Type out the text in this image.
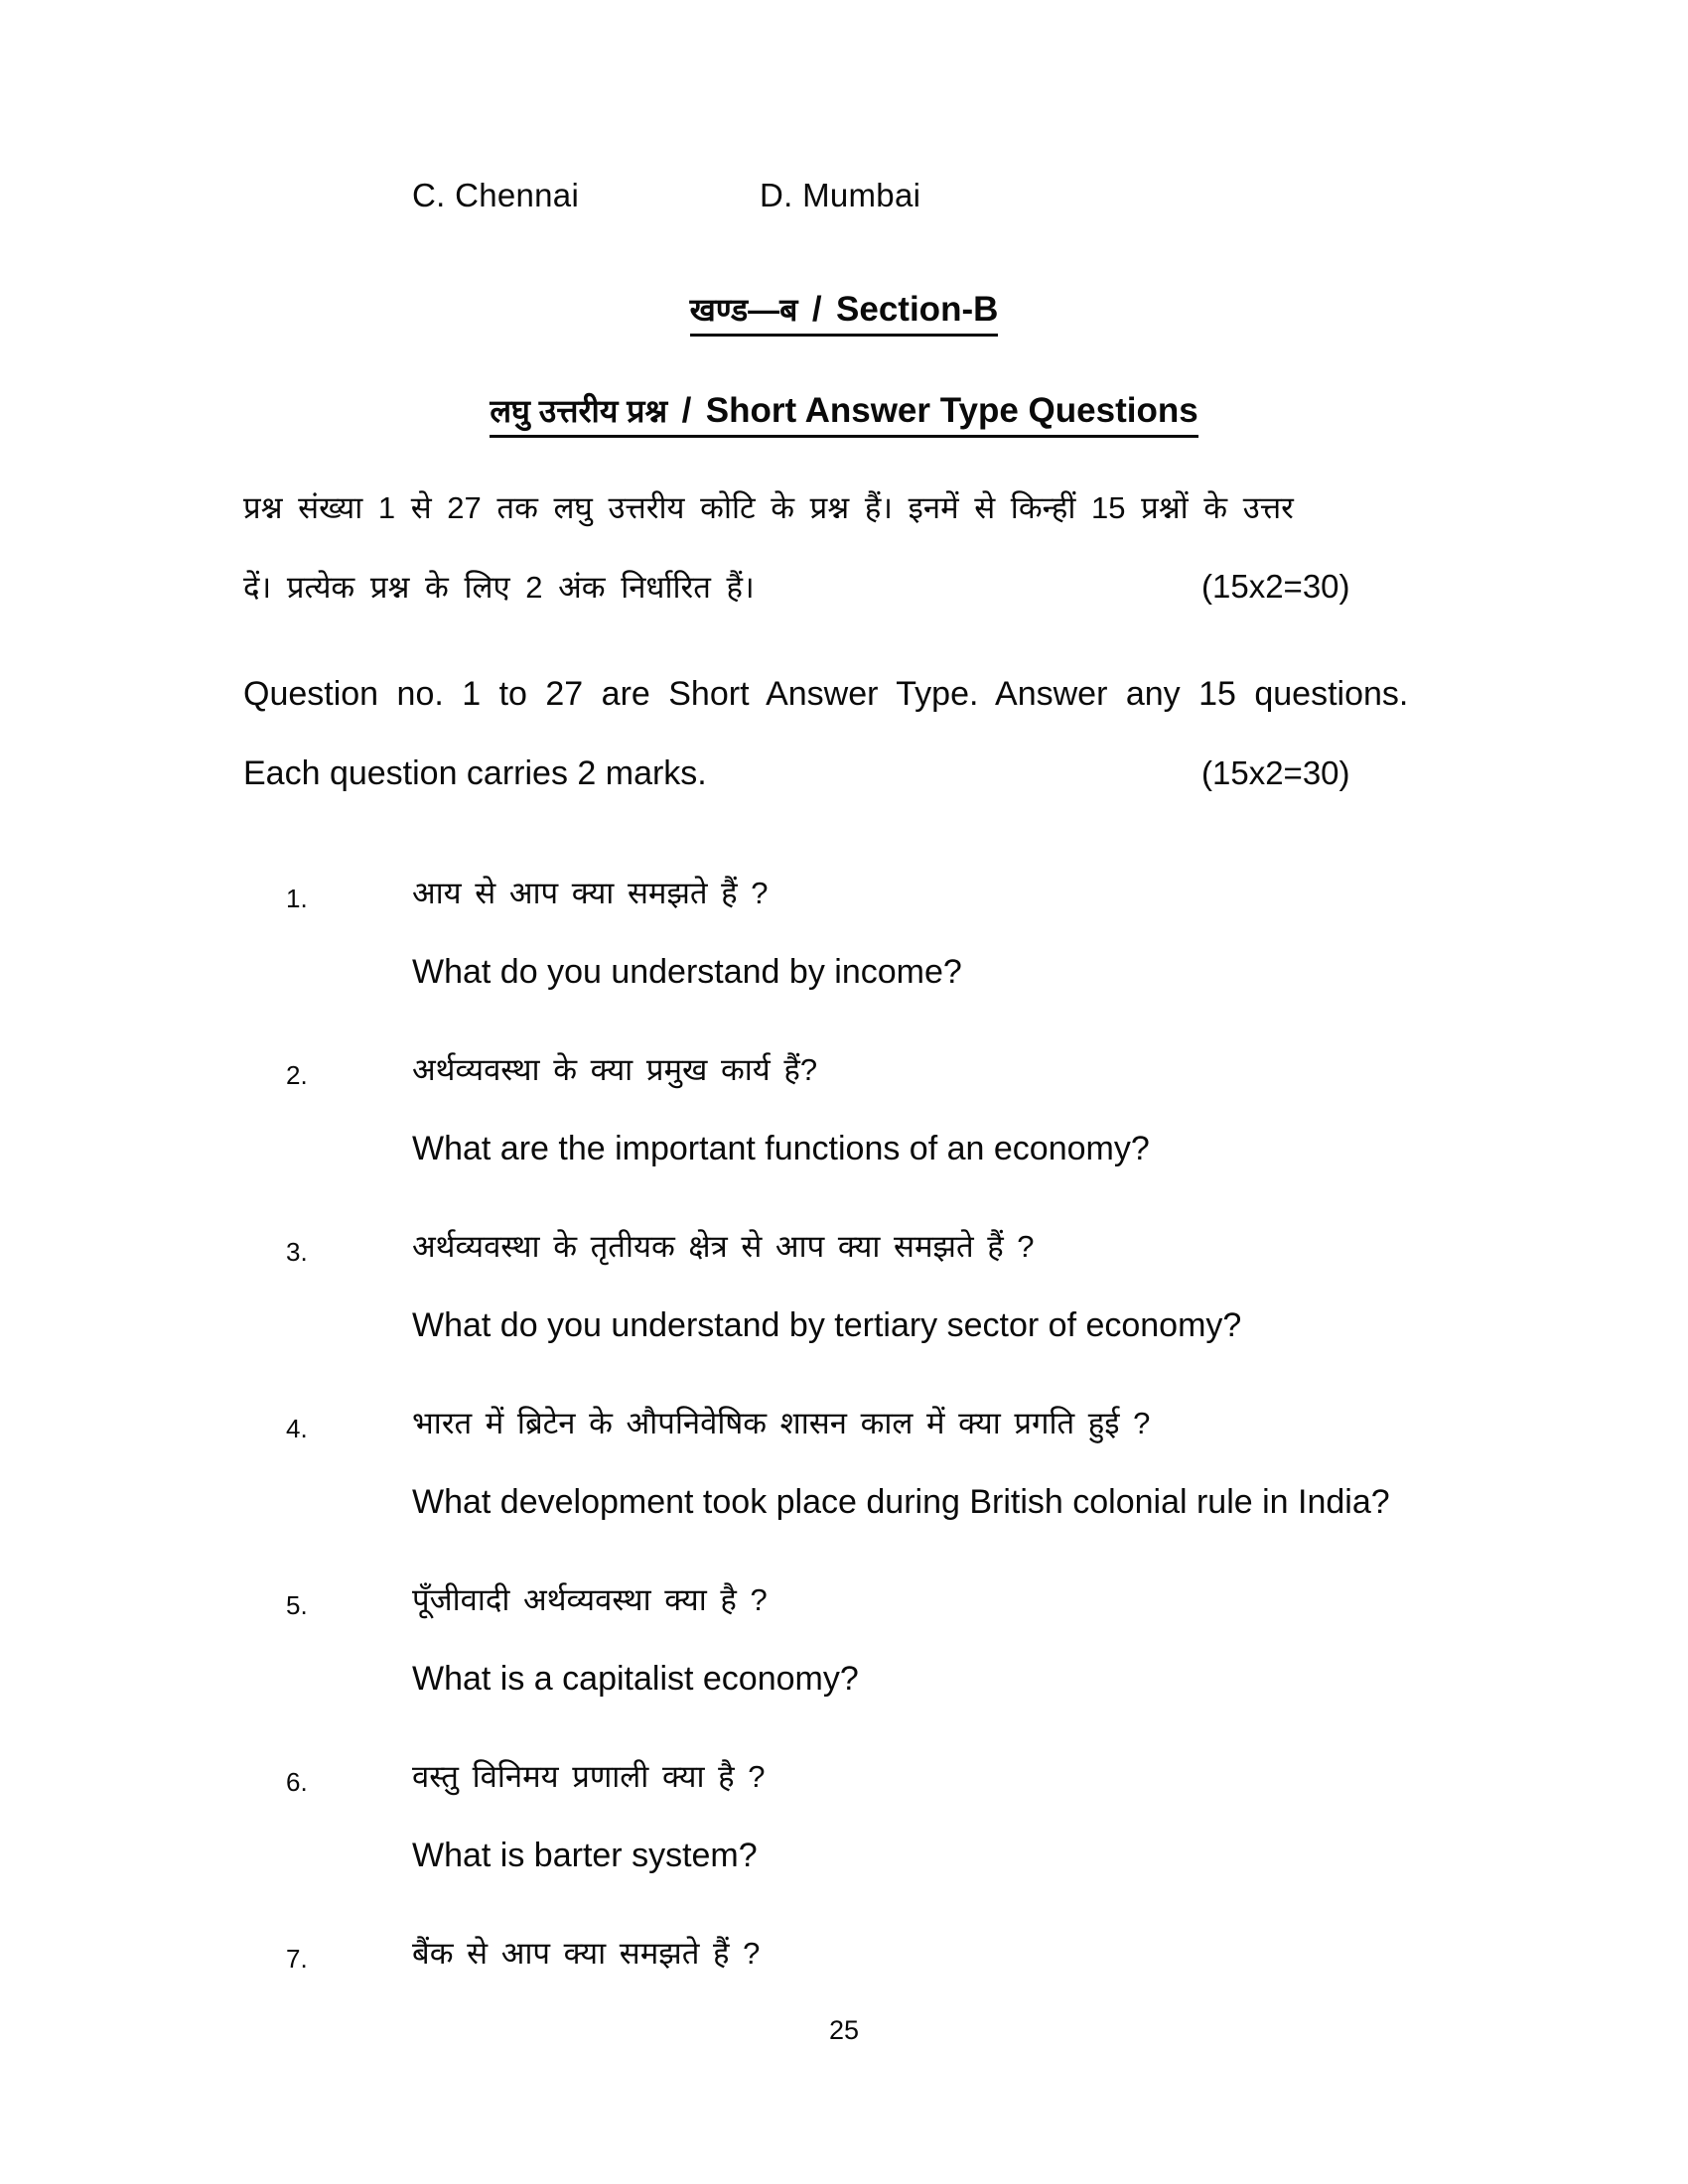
C. Chennai	D. Mumbai
खण्ड—ब / Section-B
लघु उत्तरीय प्रश्न / Short Answer Type Questions
प्रश्न संख्या 1 से 27 तक लघु उत्तरीय कोटि के प्रश्न हैं। इनमें से किन्हीं 15 प्रश्नों के उत्तर
दें। प्रत्येक प्रश्न के लिए 2 अंक निर्धारित हैं।	(15x2=30)
Question no. 1 to 27 are Short Answer Type. Answer any 15 questions.
Each question carries 2 marks.	(15x2=30)
1.	आय से आप क्या समझते हैं ?
What do you understand by income?
2.	अर्थव्यवस्था के क्या प्रमुख कार्य हैं?
What are the important functions of an economy?
3.	अर्थव्यवस्था के तृतीयक क्षेत्र से आप क्या समझते हैं ?
What do you understand by tertiary sector of economy?
4.	भारत में ब्रिटेन के औपनिवेषिक शासन काल में क्या प्रगति हुई ?
What development took place during British colonial rule in India?
5.	पूँजीवादी अर्थव्यवस्था क्या है ?
What is a capitalist economy?
6.	वस्तु विनिमय प्रणाली क्या है ?
What is barter system?
7.	बैंक से आप क्या समझते हैं ?
25
